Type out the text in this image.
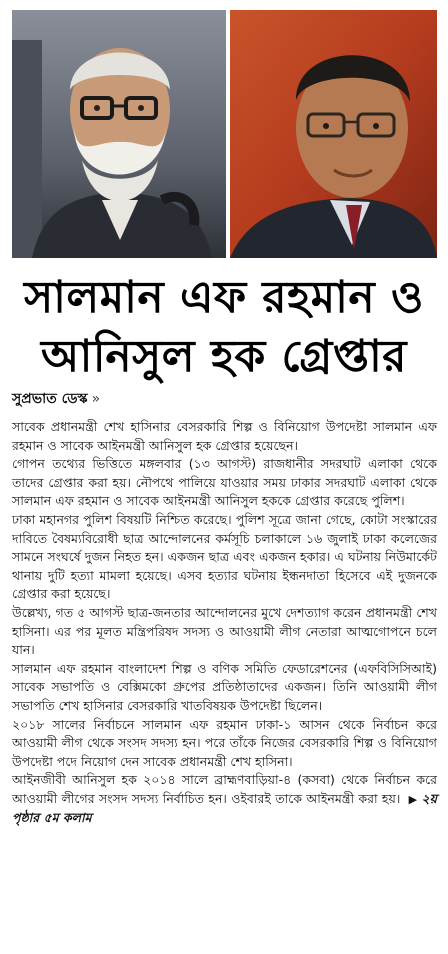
সালমান এফ রহমান ও
আনিসুল হক গ্রেপ্তার
সুপ্রভাত ডেস্ক »

সাবেক প্রধানমন্ত্রী শেখ হাসিনার বেসরকারি শিল্প ও বিনিয়োগ উপদেষ্টা সালমান এফ রহমান ও সাবেক আইনমন্ত্রী আনিসুল হক গ্রেপ্তার হয়েছেন।

গোপন তথ্যের ভিত্তিতে মঙ্গলবার (১৩ আগস্ট) রাজধানীর সদরঘাট এলাকা থেকে তাদের গ্রেপ্তার করা হয়। নৌপথে পালিয়ে যাওয়ার সময় ঢাকার সদরঘাট এলাকা থেকে সালমান এফ রহমান ও সাবেক আইনমন্ত্রী আনিসুল হককে গ্রেপ্তার করেছে পুলিশ।

ঢাকা মহানগর পুলিশ বিষয়টি নিশ্চিত করেছে। পুলিশ সূত্রে জানা গেছে, কোটা সংস্কারের দাবিতে বৈষম্যবিরোধী ছাত্র আন্দোলনের কর্মসূচি চলাকালে ১৬ জুলাই ঢাকা কলেজের সামনে সংঘর্ষে দুজন নিহত হন। একজন ছাত্র এবং একজন হকার। এ ঘটনায় নিউমার্কেট থানায় দুটি হত্যা মামলা হয়েছে। এসব হত্যার ঘটনায় ইন্ধনদাতা হিসেবে এই দুজনকে গ্রেপ্তার করা হয়েছে।

উল্লেখ্য, গত ৫ আগস্ট ছাত্র-জনতার আন্দোলনের মুখে দেশত্যাগ করেন প্রধানমন্ত্রী শেখ হাসিনা। এর পর মূলত মন্ত্রিপরিষদ সদস্য ও আওয়ামী লীগ নেতারা আত্মগোপনে চলে যান।

সালমান এফ রহমান বাংলাদেশ শিল্প ও বণিক সমিতি ফেডারেশনের (এফবিসিসিআই) সাবেক সভাপতি ও বেক্সিমকো গ্রুপের প্রতিষ্ঠাতাদের একজন। তিনি আওয়ামী লীগ সভাপতি শেখ হাসিনার বেসরকারি খাতবিষয়ক উপদেষ্টা ছিলেন।

২০১৮ সালের নির্বাচনে সালমান এফ রহমান ঢাকা-১ আসন থেকে নির্বাচন করে আওয়ামী লীগ থেকে সংসদ সদস্য হন। পরে তাঁকে নিজের বেসরকারি শিল্প ও বিনিয়োগ উপদেষ্টা পদে নিয়োগ দেন সাবেক প্রধানমন্ত্রী শেখ হাসিনা।

আইনজীবী আনিসুল হক ২০১৪ সালে ব্রাহ্মণবাড়িয়া-৪ (কসবা) থেকে নির্বাচন করে আওয়ামী লীগের সংসদ সদস্য নির্বাচিত হন। ওইবারই তাকে আইনমন্ত্রী করা হয়। ▶ ২য় পৃষ্ঠার ৫ম কলাম
